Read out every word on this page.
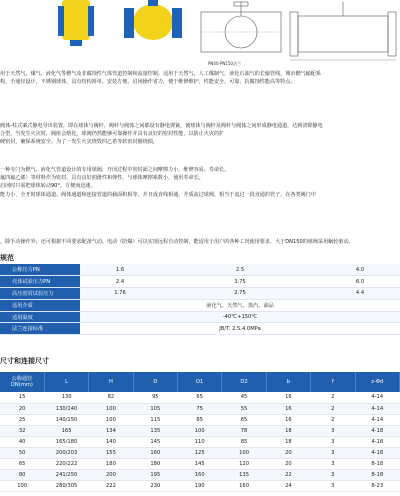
PN40-PN150法兰
用于天然气、煤气、液化气等燃气及非腐蚀性气体管道控制和流量控制。适用于天然气，人工煤制气，液化石油气的长输管线，城市燃气输配系
构，全通径设计，不锈钢球体，具有结构简单、安装方便、启闭操作省力，便于维修维护，性能安全，可靠，抗腐蚀性能高等特点。
阀体-柱式案式静电导出装置，即在球体与阀杆、阀杆与阀体之间都设有静电弹簧，使球体与阀杆及阀杆与阀体之间形成静电通道，达到清除静电
合型，当发生火灾时，阀座会熔化，球阀仍然能够可靠操作并具有良好的密封性能，以防止火灾的扩
硬密封，确保系统安全。为了一发生火灾烧毁四乙希等软密封圈烧损，
一种专门为燃气、液化气管道设计的专用球阀，开闭过程中密封面之间摩擦力小、维修容易、寿命长。
氟四氟乙烯）等材料作为密封，具有良好润滑性和弹性，与球体摩擦系数小，使用寿命长。
启闭时只需把球体转动90°，方便而迅速。
能力小，全开时球体通道、阀体通道和连接管道的截面积相等，并且成直线相通，介质流过球阀，相当于流过一段直通的管子，在各类阀门中
，除手动操作外，还可根据不同要求配备气动、电动（防爆）可以实现远程自动控制，能适用于用户的各种工况使用要求，大于DN150的球阀采用蜗轮驱动。
规范
公称压力PN	1.6	2.5	4.0
壳体试验压力PN	2.4	3.75	6.0
高压密封试验压力	1.76	2.75	4.4
适用介质	液化气、天然气、蒸汽、油品		
适用温度	-40℃+150℃		
法兰连接标准	JB/T: 2.5,4.0MPa		
尺寸和连接尺寸
公称通径
DN(mm)	L	H	D	D1	D2	b	f	z-Φd
15	130	82	95	65	45	16	2	4-14
20	130/140	100	105	75	55	16	2	4-14
25	140/150	100	115	85	65	16	2	4-14
32	165	134	135	100	78	18	3	4-18
40	165/180	140	145	110	85	18	3	4-18
50	200/203	155	160	125	100	20	3	4-18
65	220/222	180	180	145	120	20	3	8-18
80	241/250	200	195	160	135	22	3	8-18
100	280/305	222	230	190	160	24	3	8-23
